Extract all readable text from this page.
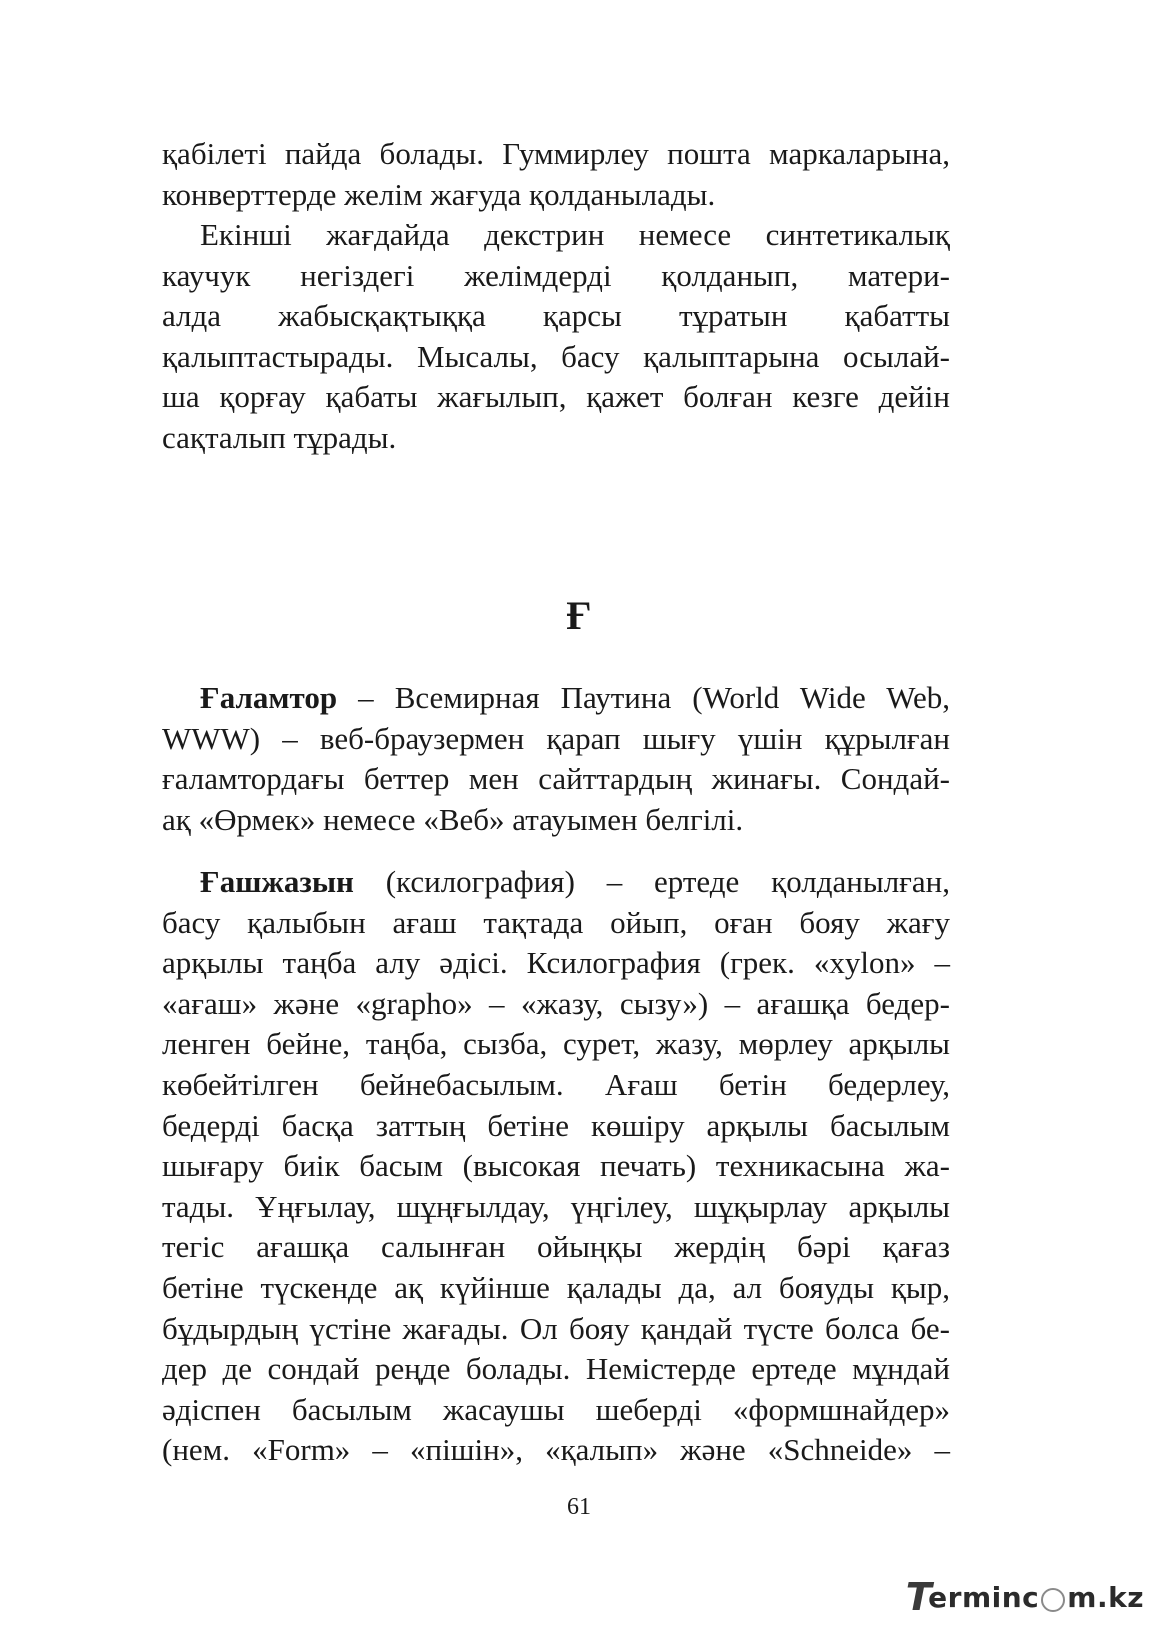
қабілеті пайда болады. Гуммирлеу пошта маркаларына,
конверттерде желім жағуда қолданылады.
Екінші жағдайда декстрин немесе синтетикалық
каучук негіздегі желімдерді қолданып, матери-
алда жабысқақтыққа қарсы тұратын қабатты
қалыптастырады. Мысалы, басу қалыптарына осылай-
ша қорғау қабаты жағылып, қажет болған кезге дейін
сақталып тұрады.
Ғ
Ғаламтор – Всемирная Паутина (World Wide Web,
WWW) – веб-браузермен қарап шығу үшін құрылған
ғаламтордағы беттер мен сайттардың жинағы. Сондай-
ақ «Өрмек» немесе «Веб» атауымен белгілі.
Ғашжазын (ксилография) – ертеде қолданылған,
басу қалыбын ағаш тақтада ойып, оған бояу жағу
арқылы таңба алу әдісі. Ксилография (грек. «xylon» –
«ағаш» және «grapho» – «жазу, сызу») – ағашқа бедер-
ленген бейне, таңба, сызба, сурет, жазу, мөрлеу арқылы
көбейтілген бейнебасылым. Ағаш бетін бедерлеу,
бедерді басқа заттың бетіне көшіру арқылы басылым
шығару биік басым (высокая печать) техникасына жа-
тады. Ұңғылау, шұңғылдау, үңгілеу, шұқырлау арқылы
тегіс ағашқа салынған ойыңқы жердің бәрі қағаз
бетіне түскенде ақ күйінше қалады да, ал бояуды қыр,
бұдырдың үстіне жағады. Ол бояу қандай түсте болса бе-
дер де сондай реңде болады. Немістерде ертеде мұндай
әдіспен басылым жасаушы шеберді «формшнайдер»
(нем. «Form» – «пішін», «қалып» және «Schneide» –
61
T
erminc m.kz
